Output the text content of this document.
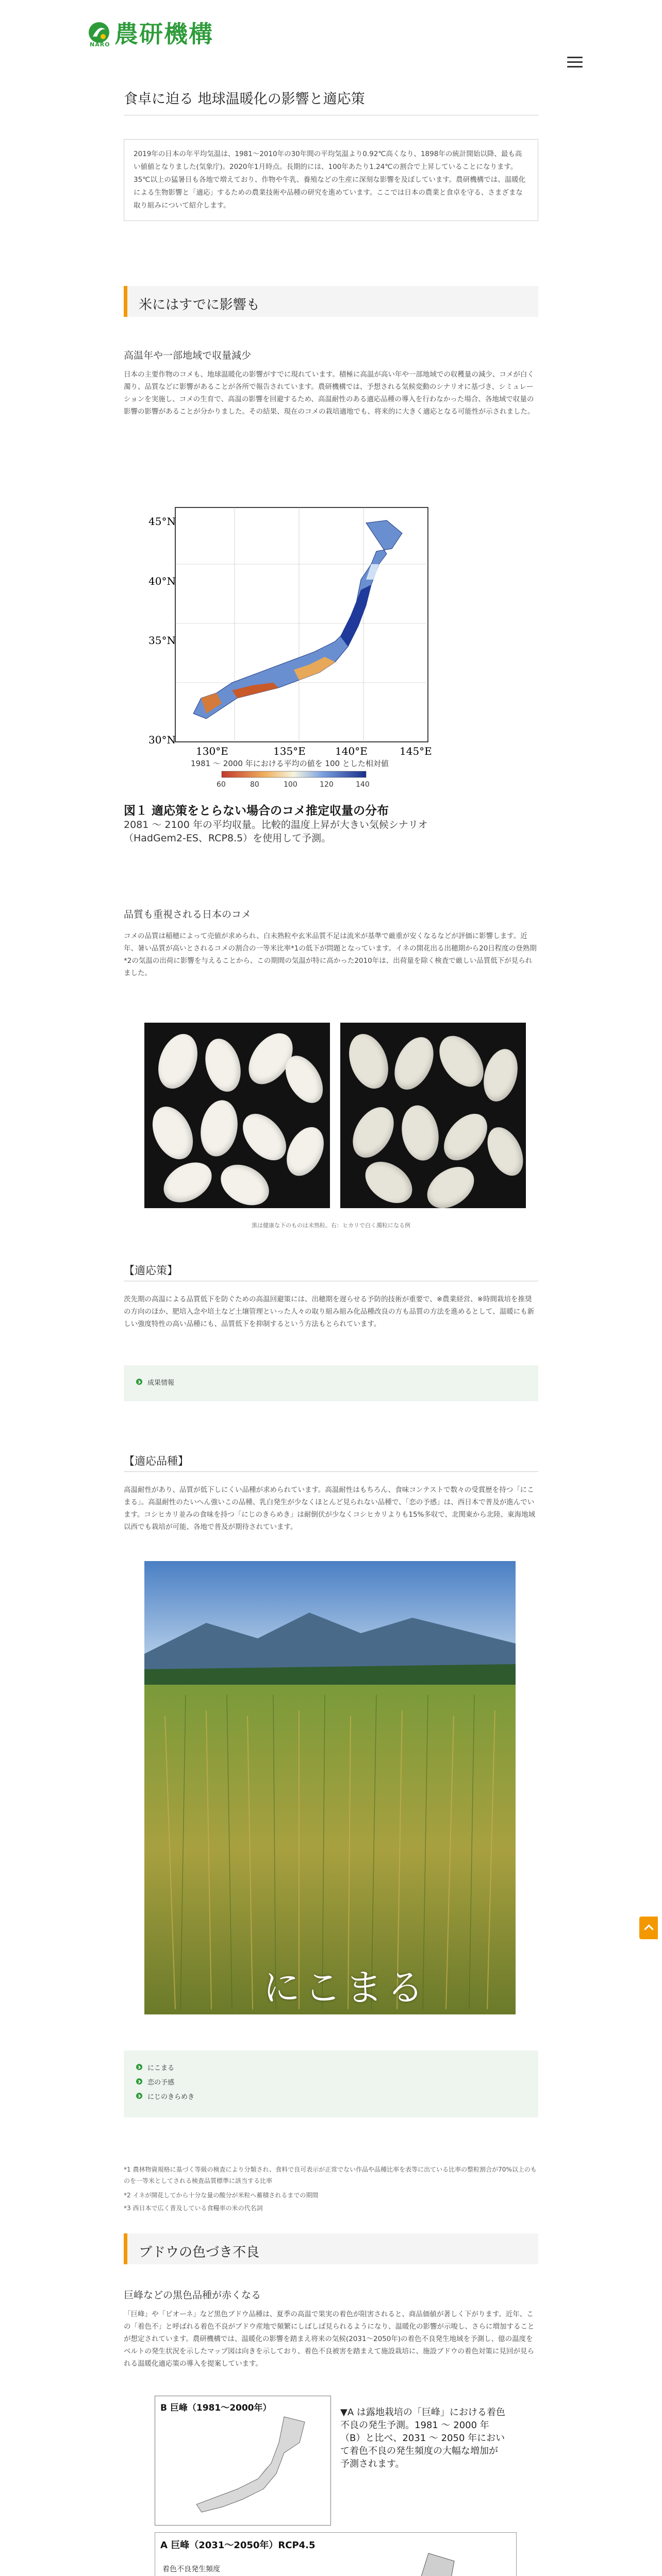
農研機構
NARO
食卓に迫る 地球温暖化の影響と適応策
2019年の日本の年平均気温は、1981〜2010年の30年間の平均気温より0.92℃高くなり、1898年の統計開始以降、最も高い値値となりました(気象庁)。2020年1月時点。長期的には、100年あたり1.24℃の割合で上昇していることになります。35℃以上の猛暑日も各地で増えており、作物や牛乳、養殖などの生産に深刻な影響を及ぼしています。農研機構では、温暖化による生物影響と「適応」するための農業技術や品種の研究を進めています。ここでは日本の農業と食卓を守る、さまざまな取り組みについて紹介します。
米にはすでに影響も
高温年や一部地域で収量減少
日本の主要作物のコメも、地球温暖化の影響がすでに現れています。積極に高温が高い年や一部地域での収穫量の減少、コメが白く濁り、品質などに影響があることが各所で報告されています。農研機構では、予想される気候変動のシナリオに基づき、シミュレーションを実施し、コメの生育で、高温の影響を回避するため、高温耐性のある適応品種の導入を行わなかった場合、各地域で収量の影響の影響があることが分かりました。その結果、現在のコメの栽培適地でも、将来的に大きく適応となる可能性が示されました。
45°N
40°N
35°N
30°N
130°E	135°E	140°E	145°E
1981 〜 2000 年における平均の値を 100 とした相対値
60	80	100	120	140
図１ 適応策をとらない場合のコメ推定収量の分布
2081 〜 2100 年の平均収量。比較的温度上昇が大きい気候シナリオ
（HadGem2-ES、RCP8.5）を使用して予測。
品質も重視される日本のコメ
コメの品質は稲穂によって売値が求められ、白未熟粒や玄米品質不足は流米が基準で厳重が安くなるなどが評価に影響します。近年、暑い品質が高いとされるコメの割合の一等米比率*1の低下が問題となっています。イネの開花出る出穂期から20日程度の登熟期*2の気温の出荷に影響を与えることから、この期間の気温が特に高かった2010年は、出荷量を除く検査で厳しい品質低下が見られました。
黒は健康な下のものは未熟粒。右：ヒカリで白く濁粒になる例
【適応策】
茨先期の高温による品質低下を防ぐための高温回避策には、出穂期を遅らせる予防的技術が重要で、※農業経営、※時間栽培を推奨の方向のほか、肥培入念や培土など土壌管理といった人々の取り組み組み化品種改良の方も品質の方法を進めるとして、温暖にも新しい強度特性の高い品種にも、品質低下を抑制するという方法もとられています。
成果情報
【適応品種】
高温耐性があり、品質が低下しにくい品種が求められています。高温耐性はもちろん、食味コンテストで数々の受賞歴を持つ「にこまる」。高温耐性のたいへん強いこの品種、乳白発生が少なくほとんど見られない品種で、「恋の予感」は、西日本で普及が進んでいます。コシヒカリ並みの食味を持つ「にじのきらめき」は耐倒伏が少なくコシヒカリよりも15%多収で、北関東から北陸、東海地域以西でも栽培が可能、各地で普及が期待されています。
にこまる
にこまる
恋の予感
にじのきらめき
*1 農林物資規格に基づく等級の検査により分類され、食料で良可表示が正常でない作品や品種比率を表等に出ている比率の整粒割合が70%以上のものを一等米としてされる検査品質標準に該当する比率
*2 イネが開花してから十分な量の酸分が米粒へ蓄積されるまでの期間
*3 西日本で広く普及している食糧率の米の代名詞
ブドウの色づき不良
巨峰などの黒色品種が赤くなる
「巨峰」や「ピオーネ」など黒色ブドウ品種は、夏季の高温で果実の着色が阻害されると、商品価値が著しく下がります。近年、この「着色不」と呼ばれる着色不良がブドウ産地で頻繁にしばしば見られるようになり、温暖化の影響が示唆し、さらに増加することが想定されています。農研機構では、温暖化の影響を踏まえ将来の気候(2031〜2050年)の着色不良発生地域を予測し、億の温度をベルトの発生状況を示したマップ図は向きを示しており、着色不良被害を踏まえて施設栽培に、施設ブドウの着色対策に見回が見られる温暖化適応策の導入を提案しています。
B 巨峰（1981〜2000年）	▼A は露地栽培の「巨峰」における着色不良の発生予測。1981 〜 2000 年（B）と比べ、2031 〜 2050 年において着色不良の発生頻度の大幅な増加が予測されます。
A 巨峰（2031〜2050年）RCP4.5
着色不良発生頻度
